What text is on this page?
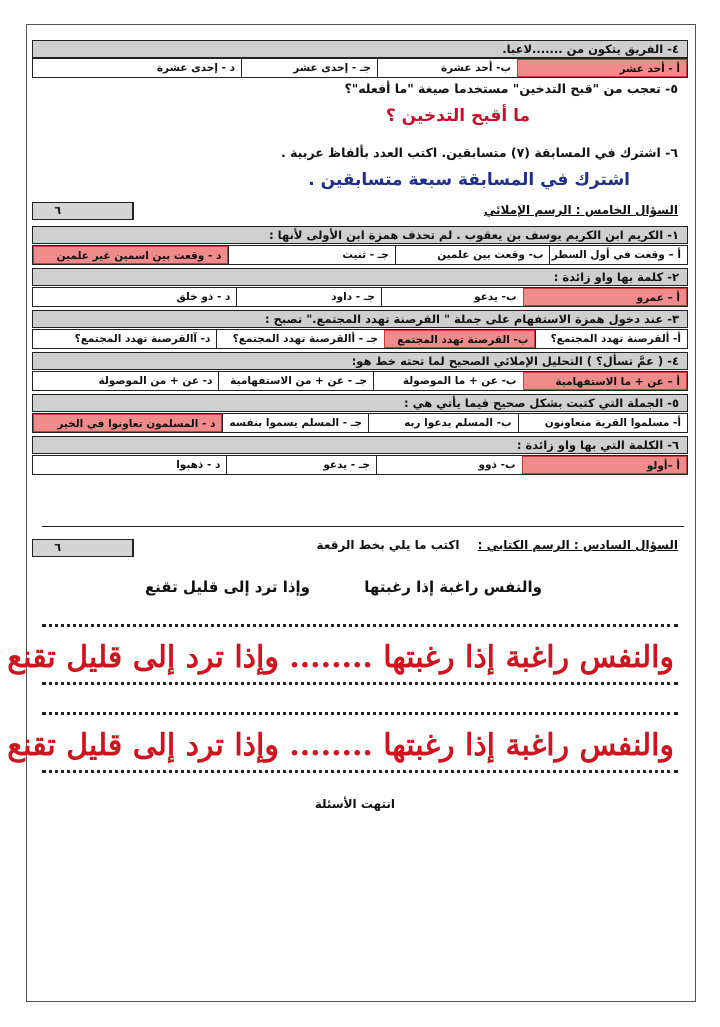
٤- الفريق يتكون من .......لاعبا.
أ - أحد عشر
ب- أحد عشرة
جـ - إحدى عشر
د - إحدى عشرة
٥- تعجب من "قبح التدخين" مستخدما صيغة "ما أفعله"؟
ما أقبح التدخين ؟
٦- اشترك في المسابقة (٧) متسابقين. اكتب العدد بألفاظ عربية .
اشترك في المسابقة سبعة متسابقين .
السؤال الخامس : الرسم الإملائي
٦
١- الكريم ابن الكريم يوسف بن يعقوب . لم تحذف همزة ابن الأولى لأنها :
أ – وقعت في أول السطر
ب- وقعت بين علمين
جـ - ثنيت
د - وقعت بين اسمين غير علمين
٢- كلمة بها واو زائدة :
أ – عمرو
ب- يدعو
جـ - داود
د - ذو خلق
٣- عند دخول همزة الاستفهام على جملة " القرصنة تهدد المجتمع." تصبح :
أ- ألقرصنة تهدد المجتمع؟
ب- القرصنة تهدد المجتمع
جـ - أالقرصنة تهدد المجتمع؟
د- آالقرصنة تهدد المجتمع؟
٤- ( عمَّ تسأل؟ ) التحليل الإملائي الصحيح لما تحته خط هو:
أ – عن + ما الاستفهامية
ب- عن + ما الموصولة
جـ - عن + من الاستفهامية
د- عن + من الموصولة
٥- الجملة التي كتبت بشكل صحيح فيما يأتي هي :
أ- مسلموا القرية متعاونون
ب- المسلم يدعوا ربه
جـ - المسلم يسموا بنفسه
د - المسلمون تعاونوا في الخير
٦- الكلمة التي بها واو زائدة :
أ –أولو
ب- ذوو
جـ - يدعو
د - ذهبوا
السؤال السادس : الرسم الكتابي : اكتب ما يلي بخط الرقعة
٦
والنفس راغبة إذا رغبتها
وإذا ترد إلى قليل تقنع
والنفس راغبة إذا رغبتها ........ وإذا ترد إلى قليل تقنع
والنفس راغبة إذا رغبتها ........ وإذا ترد إلى قليل تقنع
انتهت الأسئلة
